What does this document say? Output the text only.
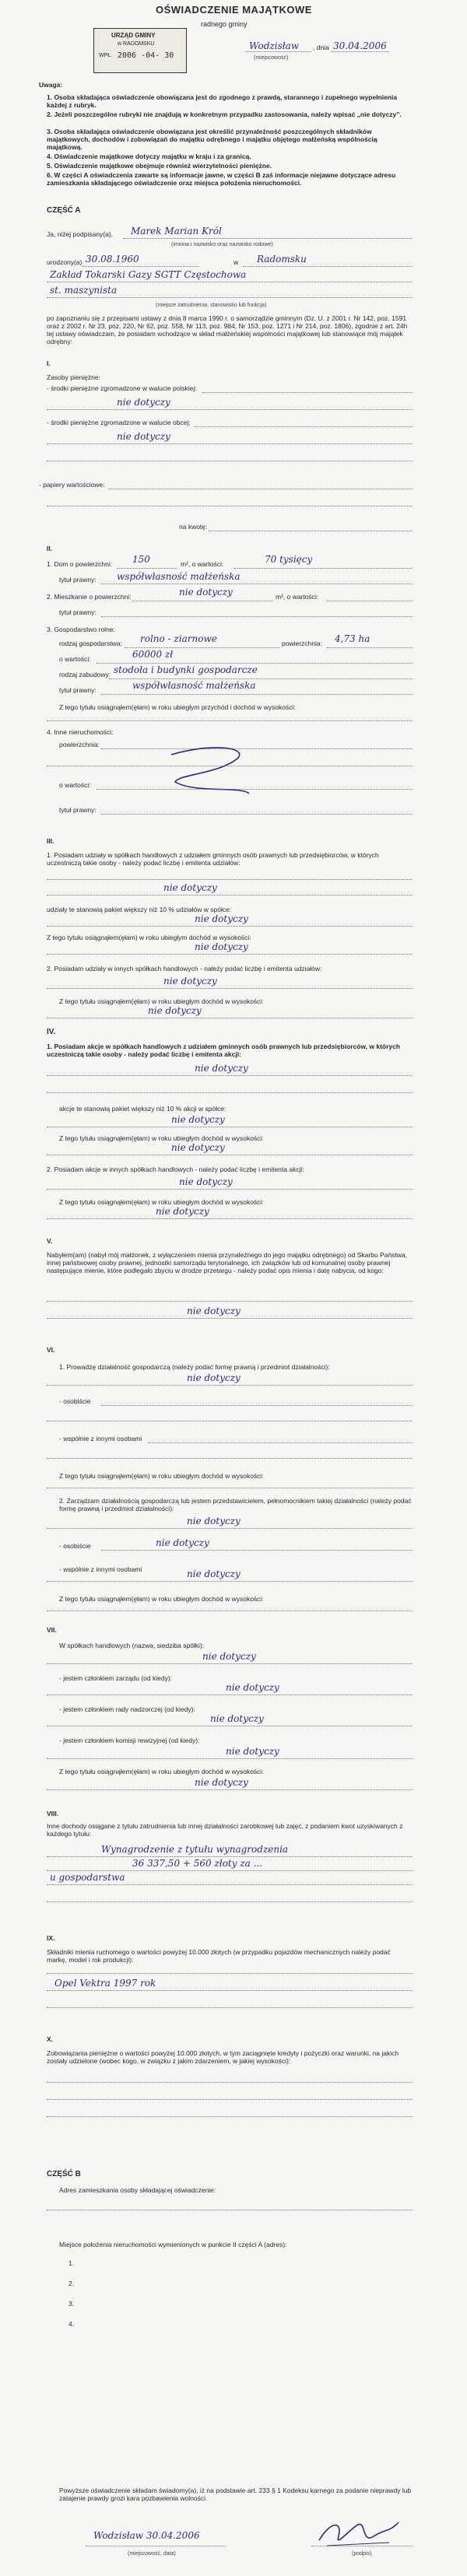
OŚWIADCZENIE MAJĄTKOWE
radnego gminy
URZĄD GMINY
w RADOMSKU
WPŁ. 2006 -04- 30
Wodzisław , dnia 30.04.2006
(miejscowość)
Uwaga:
1. Osoba składająca oświadczenie obowiązana jest do zgodnego z prawdą, starannego i zupełnego wypełnienia każdej z rubryk.
2. Jeżeli poszczególne rubryki nie znajdują w konkretnym przypadku zastosowania, należy wpisać „nie dotyczy”.
3. Osoba składająca oświadczenie obowiązana jest określić przynależność poszczególnych składników majątkowych, dochodów i zobowiązań do majątku odrębnego i majątku objętego małżeńską wspólnością majątkową.
4. Oświadczenie majątkowe dotyczy majątku w kraju i za granicą.
5. Oświadczenie majątkowe obejmuje również wierzytelności pieniężne.
6. W części A oświadczenia zawarte są informacje jawne, w części B zaś informacje niejawne dotyczące adresu zamieszkania składającego oświadczenie oraz miejsca położenia nieruchomości.
CZĘŚĆ A
Ja, niżej podpisany(a), Marek Marian Król
(imiona i nazwisko oraz nazwisko rodowe)
urodzony(a) 30.08.1960	w Radomsku
Zakład Tokarski Gazy SGTT Częstochowa
st. maszynista
(miejsce zatrudnienia, stanowisko lub funkcja)
po zapoznaniu się z przepisami ustawy z dnia 8 marca 1990 r. o samorządzie gminnym (Dz. U. z 2001 r. Nr 142, poz. 1591 oraz z 2002 r. Nr 23, poz. 220, Nr 62, poz. 558, Nr 113, poz. 984, Nr 153, poz. 1271 i Nr 214, poz. 1806), zgodnie z art. 24h tej ustawy oświadczam, że posiadam wchodzące w skład małżeńskiej wspólności majątkowej lub stanowiące mój majątek odrębny:
I.
Zasoby pieniężne:
- środki pieniężne zgromadzone w walucie polskiej:
nie dotyczy
- środki pieniężne zgromadzone w walucie obcej:
nie dotyczy
- papiery wartościowe:
na kwotę:
II.
1. Dom o powierzchni: 150	m², o wartości:	70 tysięcy
tytuł prawny: współwłasność małżeńska
2. Mieszkanie o powierzchni:	nie dotyczy	m², o wartości:
tytuł prawny:
3. Gospodarstwo rolne:
rodzaj gospodarstwa: rolno - ziarnowe	powierzchnia: 4,73 ha
o wartości:	60000 zł
rodzaj zabudowy: stodoła i budynki gospodarcze
tytuł prawny:	współwłasność małżeńska
Z tego tytułu osiągnąłem(ęłam) w roku ubiegłym przychód i dochód w wysokości:
4. Inne nieruchomości:
powierzchnia:
o wartości:
tytuł prawny:
III.
1. Posiadam udziały w spółkach handlowych z udziałem gminnych osób prawnych lub przedsiębiorców, w których uczestniczą takie osoby - należy podać liczbę i emitenta udziałów:
nie dotyczy
udziały te stanowią pakiet większy niż 10 % udziałów w spółce:
nie dotyczy
Z tego tytułu osiągnąłem(ęłam) w roku ubiegłym dochód w wysokości:
nie dotyczy
2. Posiadam udziały w innych spółkach handlowych - należy podać liczbę i emitenta udziałów:
nie dotyczy
Z tego tytułu osiągnąłem(ęłam) w roku ubiegłym dochód w wysokości:
nie dotyczy
IV.
1. Posiadam akcje w spółkach handlowych z udziałem gminnych osób prawnych lub przedsiębiorców, w których uczestniczą takie osoby - należy podać liczbę i emitenta akcji:
nie dotyczy
akcje te stanowią pakiet większy niż 10 % akcji w spółce:
nie dotyczy
Z tego tytułu osiągnąłem(ęłam) w roku ubiegłym dochód w wysokości:
nie dotyczy
2. Posiadam akcje w innych spółkach handlowych - należy podać liczbę i emitenta akcji:
nie dotyczy
Z tego tytułu osiągnąłem(ęłam) w roku ubiegłym dochód w wysokości:
nie dotyczy
V.
Nabyłem(am) (nabył mój małżonek, z wyłączeniem mienia przynależnego do jego majątku odrębnego) od Skarbu Państwa, innej państwowej osoby prawnej, jednostki samorządu terytorialnego, ich związków lub od komunalnej osoby prawnej następujące mienie, które podlegało zbyciu w drodze przetargu - należy podać opis mienia i datę nabycia, od kogo:
nie dotyczy
VI.
1. Prowadzę działalność gospodarczą (należy podać formę prawną i przedmiot działalności):
nie dotyczy
- osobiście
- wspólnie z innymi osobami
Z tego tytułu osiągnąłem(ęłam) w roku ubiegłym dochód w wysokości:
2. Zarządzam działalnością gospodarczą lub jestem przedstawicielem, pełnomocnikiem takiej działalności (należy podać formę prawną i przedmiot działalności):
nie dotyczy
- osobiście	nie dotyczy
- wspólnie z innymi osobami	nie dotyczy
Z tego tytułu osiągnąłem(ęłam) w roku ubiegłym dochód w wysokości:
VII.
W spółkach handlowych (nazwa, siedziba spółki):
nie dotyczy
- jestem członkiem zarządu (od kiedy):
nie dotyczy
- jestem członkiem rady nadzorczej (od kiedy):
nie dotyczy
- jestem członkiem komisji rewizyjnej (od kiedy):
nie dotyczy
Z tego tytułu osiągnąłem(ęłam) w roku ubiegłym dochód w wysokości:
nie dotyczy
VIII.
Inne dochody osiągane z tytułu zatrudnienia lub innej działalności zarobkowej lub zajęć, z podaniem kwot uzyskiwanych z każdego tytułu:
Wynagrodzenie z tytułu wynagrodzenia
36 337,50 + 560 złoty za ...
u gospodarstwa
IX.
Składniki mienia ruchomego o wartości powyżej 10.000 złotych (w przypadku pojazdów mechanicznych należy podać markę, model i rok produkcji):
Opel Vektra 1997 rok
X.
Zobowiązania pieniężne o wartości powyżej 10.000 złotych, w tym zaciągnięte kredyty i pożyczki oraz warunki, na jakich zostały udzielone (wobec kogo, w związku z jakim zdarzeniem, w jakiej wysokości):
CZĘŚĆ B
Adres zamieszkania osoby składającej oświadczenie:
Miejsce położenia nieruchomości wymienionych w punkcie II części A (adres):
1.
2.
3.
4.
Powyższe oświadczenie składam świadomy(a), iż na podstawie art. 233 § 1 Kodeksu karnego za podanie nieprawdy lub zatajenie prawdy grozi kara pozbawienia wolności.
Wodzisław 30.04.2006
(miejscowość, data)	(podpis)
